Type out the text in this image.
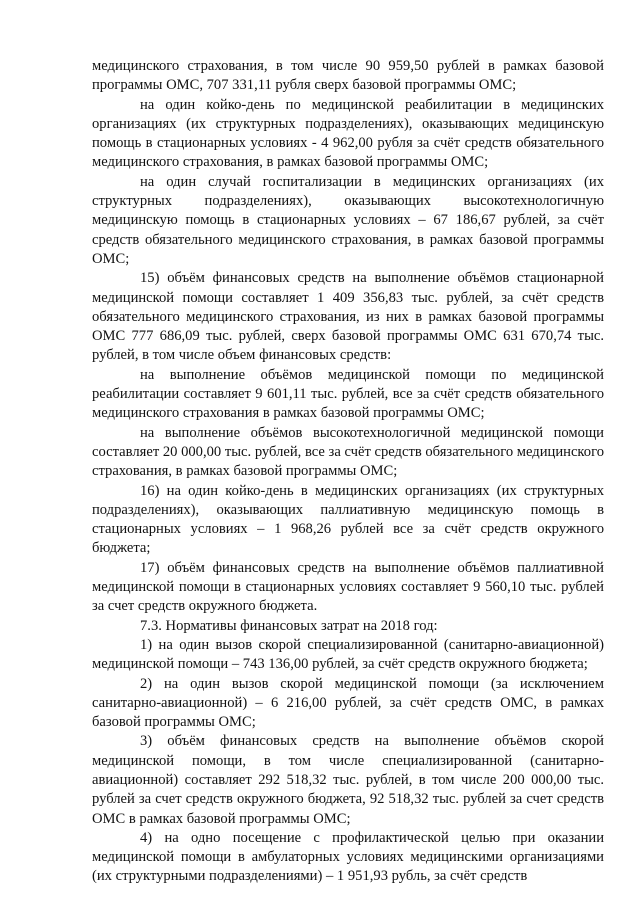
медицинского страхования, в том числе 90 959,50 рублей в рамках базовой программы ОМС, 707 331,11 рубля сверх базовой программы ОМС;

на один койко-день по медицинской реабилитации в медицинских организациях (их структурных подразделениях), оказывающих медицинскую помощь в стационарных условиях - 4 962,00 рубля за счёт средств обязательного медицинского страхования, в рамках базовой программы ОМС;

на один случай госпитализации в медицинских организациях (их структурных подразделениях), оказывающих высокотехнологичную медицинскую помощь в стационарных условиях – 67 186,67 рублей, за счёт средств обязательного медицинского страхования, в рамках базовой программы ОМС;

15) объём финансовых средств на выполнение объёмов стационарной медицинской помощи составляет 1 409 356,83 тыс. рублей, за счёт средств обязательного медицинского страхования, из них в рамках базовой программы ОМС 777 686,09 тыс. рублей, сверх базовой программы ОМС 631 670,74 тыс. рублей, в том числе объем финансовых средств:

на выполнение объёмов медицинской помощи по медицинской реабилитации составляет 9 601,11 тыс. рублей, все за счёт средств обязательного медицинского страхования в рамках базовой программы ОМС;

на выполнение объёмов высокотехнологичной медицинской помощи составляет 20 000,00 тыс. рублей, все за счёт средств обязательного медицинского страхования, в рамках базовой программы ОМС;

16) на один койко-день в медицинских организациях (их структурных подразделениях), оказывающих паллиативную медицинскую помощь в стационарных условиях – 1 968,26 рублей все за счёт средств окружного бюджета;

17) объём финансовых средств на выполнение объёмов паллиативной медицинской помощи в стационарных условиях составляет 9 560,10 тыс. рублей за счет средств окружного бюджета.

7.3. Нормативы финансовых затрат на 2018 год:

1) на один вызов скорой специализированной (санитарно-авиационной) медицинской помощи – 743 136,00 рублей, за счёт средств окружного бюджета;

2) на один вызов скорой медицинской помощи (за исключением санитарно-авиационной) – 6 216,00 рублей, за счёт средств ОМС, в рамках базовой программы ОМС;

3) объём финансовых средств на выполнение объёмов скорой медицинской помощи, в том числе специализированной (санитарно-авиационной) составляет 292 518,32 тыс. рублей, в том числе 200 000,00 тыс. рублей за счет средств окружного бюджета, 92 518,32 тыс. рублей за счет средств ОМС в рамках базовой программы ОМС;

4) на одно посещение с профилактической целью при оказании медицинской помощи в амбулаторных условиях медицинскими организациями (их структурными подразделениями) – 1 951,93 рубль, за счёт средств
